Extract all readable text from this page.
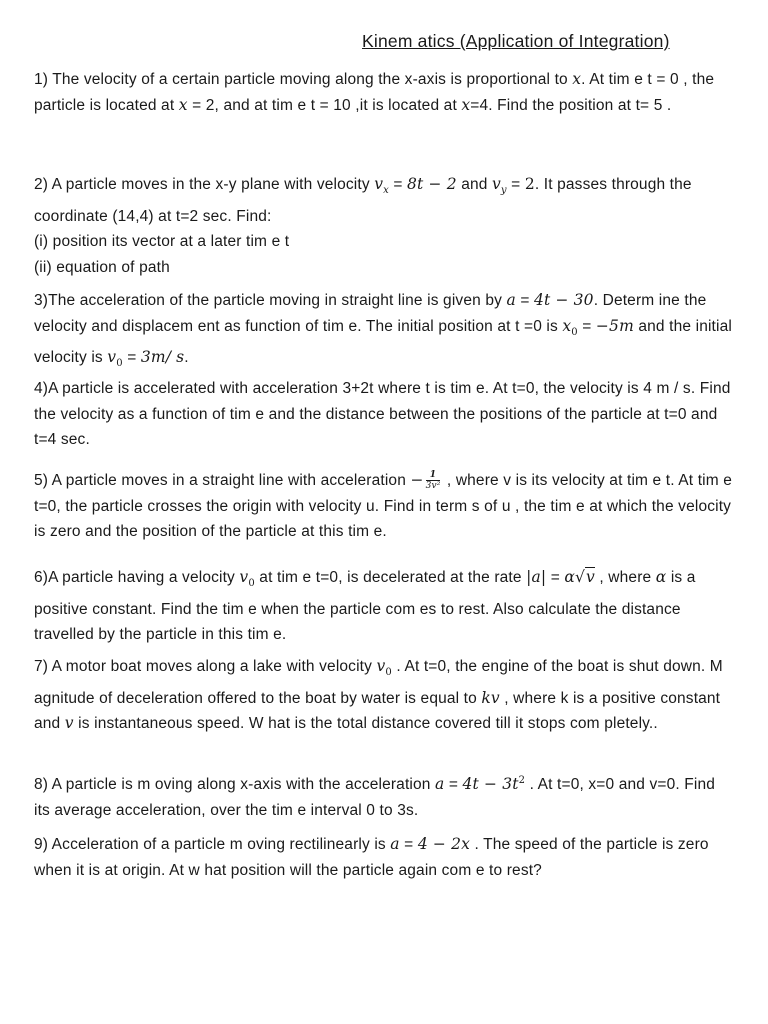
Kinem atics (Application of Integration)
1) The velocity of a certain particle moving along the x-axis is proportional to x. At tim e t = 0 , the particle is located at x = 2, and at tim e t = 10 ,it is located at x=4. Find the position at t= 5 .
2) A particle moves in the x-y plane with velocity $v_x = 8t - 2$ and $v_y = 2$. It passes through the coordinate (14,4) at t=2 sec. Find:
(i) position its vector at a later tim e t
(ii) equation of path
3)The acceleration of the particle moving in straight line is given by a = 4t − 30. Determ ine the velocity and displacem ent as function of tim e. The initial position at t =0 is $x_0 = -5m$ and the initial velocity is $v_0 = 3m/$ s.
4)A particle is accelerated with acceleration 3+2t where t is tim e. At t=0, the velocity is 4 m / s. Find the velocity as a function of tim e and the distance between the positions of the particle at t=0 and t=4 sec.
5) A particle moves in a straight line with acceleration − $\frac{1}{\text{3v²}}$ , where v is its velocity at tim e t. At tim e t=0, the particle crosses the origin with velocity u. Find in term s of u , the tim e at which the velocity is zero and the position of the particle at this tim e.
6)A particle having a velocity $v_0$ at tim e t=0, is decelerated at the rate |a| = α√v , where α is a positive constant. Find the tim e when the particle com es to rest. Also calculate the distance travelled by the particle in this tim e.
7) A motor boat moves along a lake with velocity $v_0$ . At t=0, the engine of the boat is shut down. M agnitude of deceleration offered to the boat by water is equal to kv , where k is a positive constant and v is instantaneous speed. W hat is the total distance covered till it stops com pletely..
8) A particle is m oving along x-axis with the acceleration $a = 4t - 3t^2$ . At t=0, x=0 and v=0. Find its average acceleration, over the tim e interval 0 to 3s.
9) Acceleration of a particle m oving rectilinearly is a = 4 − 2x . The speed of the particle is zero when it is at origin. At w hat position will the particle again com e to rest?
